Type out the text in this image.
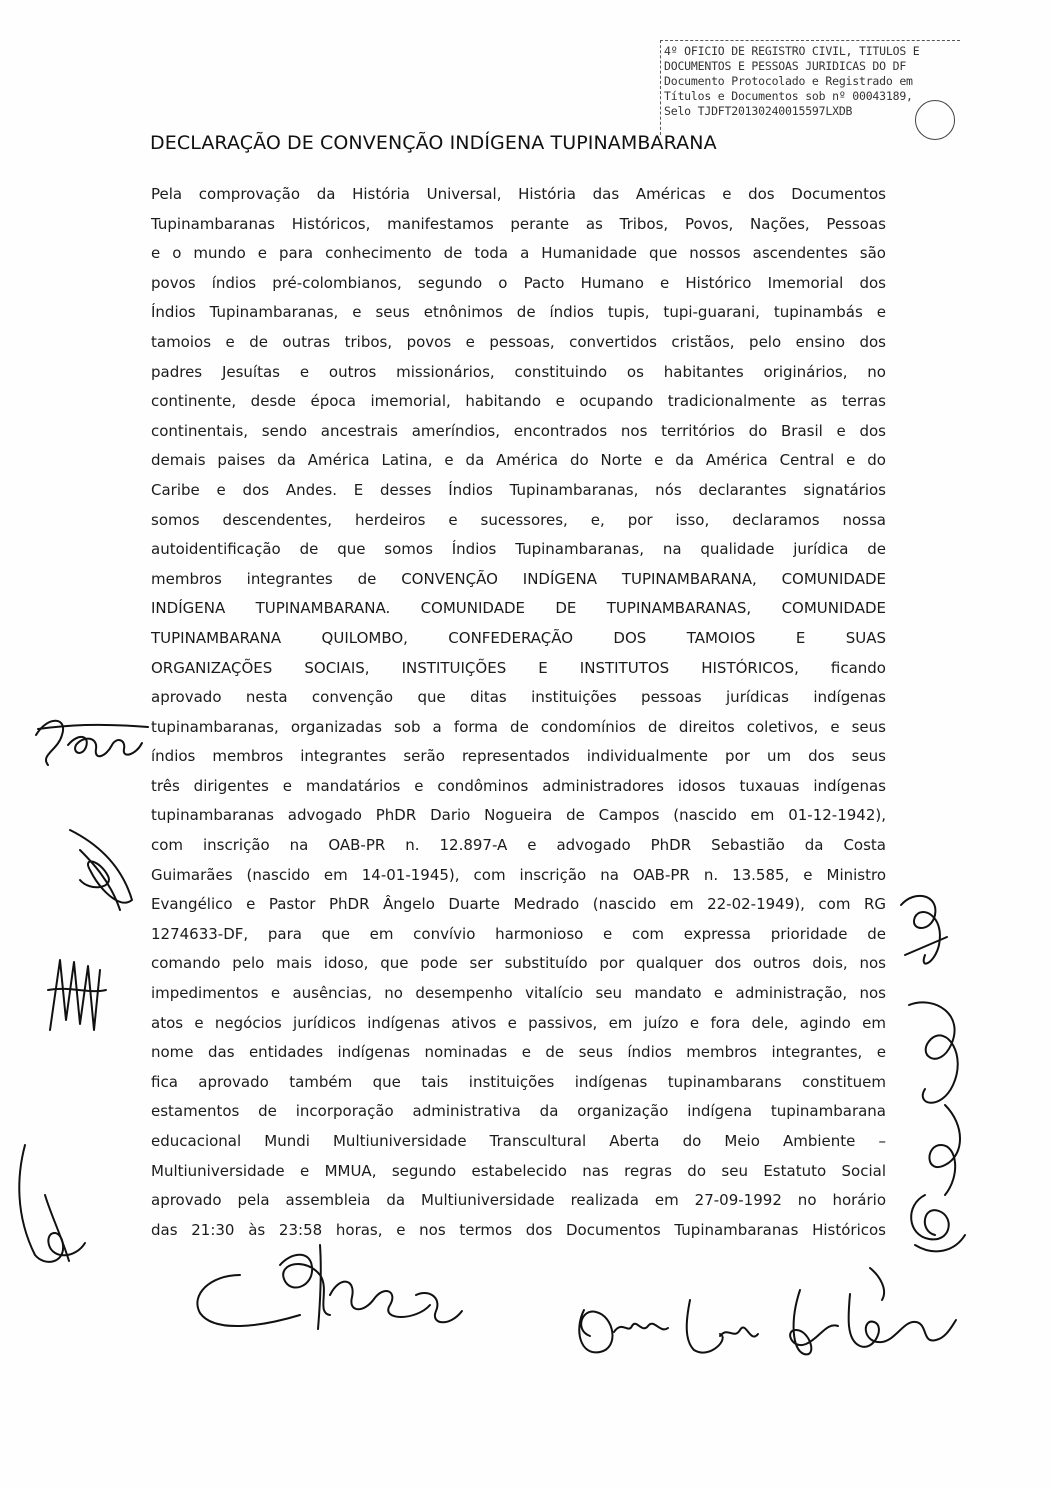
4º OFICIO DE REGISTRO CIVIL, TITULOS E
DOCUMENTOS E PESSOAS JURIDICAS DO DF
Documento Protocolado e Registrado em
Títulos e Documentos sob nº 00043189,
Selo TJDFT20130240015597LXDB
DECLARAÇÃO DE CONVENÇÃO INDÍGENA TUPINAMBARANA
Pela comprovação da História Universal, História das Américas e dos Documentos
Tupinambaranas Históricos, manifestamos perante as Tribos, Povos, Nações, Pessoas
e o mundo e para conhecimento de toda a Humanidade que nossos ascendentes são
povos índios pré-colombianos, segundo o Pacto Humano e Histórico Imemorial dos
Índios Tupinambaranas, e seus etnônimos de índios tupis, tupi-guarani, tupinambás e
tamoios e de outras tribos, povos e pessoas, convertidos cristãos, pelo ensino dos
padres Jesuítas e outros missionários, constituindo os habitantes originários, no
continente, desde época imemorial, habitando e ocupando tradicionalmente as terras
continentais, sendo ancestrais ameríndios, encontrados nos territórios do Brasil e dos
demais paises da América Latina, e da América do Norte e da América Central e do
Caribe e dos Andes. E desses Índios Tupinambaranas, nós declarantes signatários
somos descendentes, herdeiros e sucessores, e, por isso, declaramos nossa
autoidentificação de que somos Índios Tupinambaranas, na qualidade jurídica de
membros integrantes de CONVENÇÃO INDÍGENA TUPINAMBARANA, COMUNIDADE
INDÍGENA TUPINAMBARANA. COMUNIDADE DE TUPINAMBARANAS, COMUNIDADE
TUPINAMBARANA QUILOMBO, CONFEDERAÇÃO DOS TAMOIOS E SUAS
ORGANIZAÇÕES SOCIAIS, INSTITUIÇÕES E INSTITUTOS HISTÓRICOS, ficando
aprovado nesta convenção que ditas instituições pessoas jurídicas indígenas
tupinambaranas, organizadas sob a forma de condomínios de direitos coletivos, e seus
índios membros integrantes serão representados individualmente por um dos seus
três dirigentes e mandatários e condôminos administradores idosos tuxauas indígenas
tupinambaranas advogado PhDR Dario Nogueira de Campos (nascido em 01-12-1942),
com inscrição na OAB-PR n. 12.897-A e advogado PhDR Sebastião da Costa
Guimarães (nascido em 14-01-1945), com inscrição na OAB-PR n. 13.585, e Ministro
Evangélico e Pastor PhDR Ângelo Duarte Medrado (nascido em 22-02-1949), com RG
1274633-DF, para que em convívio harmonioso e com expressa prioridade de
comando pelo mais idoso, que pode ser substituído por qualquer dos outros dois, nos
impedimentos e ausências, no desempenho vitalício seu mandato e administração, nos
atos e negócios jurídicos indígenas ativos e passivos, em juízo e fora dele, agindo em
nome das entidades indígenas nominadas e de seus índios membros integrantes, e
fica aprovado também que tais instituições indígenas tupinambarans constituem
estamentos de incorporação administrativa da organização indígena tupinambarana
educacional Mundi Multiuniversidade Transcultural Aberta do Meio Ambiente –
Multiuniversidade e MMUA, segundo estabelecido nas regras do seu Estatuto Social
aprovado pela assembleia da Multiuniversidade realizada em 27-09-1992 no horário
das 21:30 às 23:58 horas, e nos termos dos Documentos Tupinambaranas Históricos
